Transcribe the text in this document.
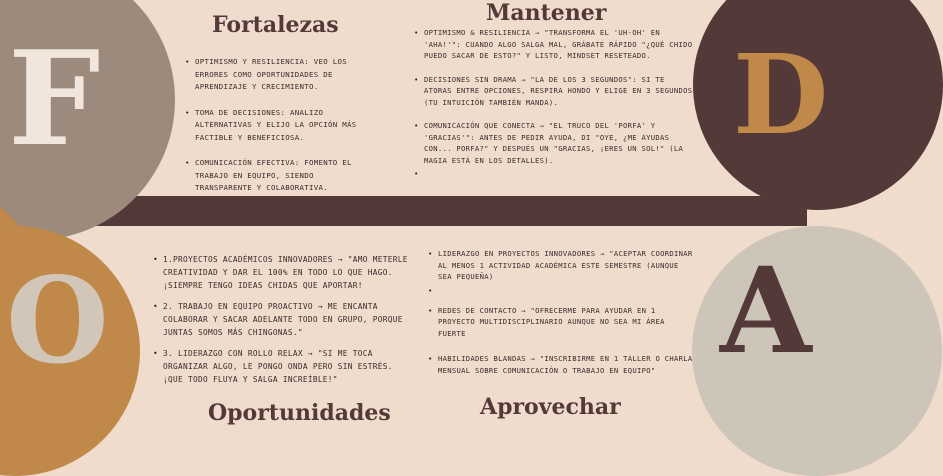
F	Fortalezas
• OPTIMISMO Y RESILIENCIA: VEO LOS ERRORES COMO OPORTUNIDADES DE APRENDIZAJE Y CRECIMIENTO.
• TOMA DE DECISIONES: ANALIZO ALTERNATIVAS Y ELIJO LA OPCIÓN MÁS FACTIBLE Y BENEFICIOSA.
• COMUNICACIÓN EFECTIVA: FOMENTO EL TRABAJO EN EQUIPO, SIENDO TRANSPARENTE Y COLABORATIVA.
D
Mantener
• OPTIMISMO & RESILIENCIA → "TRANSFORMA EL 'UH-OH' EN 'AHA!'": CUANDO ALGO SALGA MAL, GRÁBATE RÁPIDO "¿QUÉ CHIDO PUEDO SACAR DE ESTO?" Y LISTO, MINDSET RESETEADO.
• DECISIONES SIN DRAMA → "LA DE LOS 3 SEGUNDOS": SI TE ATORAS ENTRE OPCIONES, RESPIRA HONDO Y ELIGE EN 3 SEGUNDOS (TU INTUICIÓN TAMBIÉN MANDA).
• COMUNICACIÓN QUE CONECTA → "EL TRUCO DEL 'PORFA' Y 'GRACIAS'": ANTES DE PEDIR AYUDA, DI "OYE, ¿ME AYUDAS CON... PORFA?" Y DESPUÉS UN "GRACIAS, ¡ERES UN SOL!" (LA MAGIA ESTÁ EN LOS DETALLES).
•
O
Oportunidades
• 1.PROYECTOS ACADÉMICOS INNOVADORES → "AMO METERLE CREATIVIDAD Y DAR EL 100% EN TODO LO QUE HAGO. ¡SIEMPRE TENGO IDEAS CHIDAS QUE APORTAR!
• 2. TRABAJO EN EQUIPO PROACTIVO → ME ENCANTA COLABORAR Y SACAR ADELANTE TODO EN GRUPO, PORQUE JUNTAS SOMOS MÁS CHINGONAS."
• 3. LIDERAZGO CON ROLLO RELAX → "SI ME TOCA ORGANIZAR ALGO, LE PONGO ONDA PERO SIN ESTRÉS. ¡QUE TODO FLUYA Y SALGA INCREÍBLE!"	A
Aprovechar
• LIDERAZGO EN PROYECTOS INNOVADORES → "ACEPTAR COORDINAR AL MENOS 1 ACTIVIDAD ACADÉMICA ESTE SEMESTRE (AUNQUE SEA PEQUEÑA)
•
• REDES DE CONTACTO → "OFRECERME PARA AYUDAR EN 1 PROYECTO MULTIDISCIPLINARIO AUNQUE NO SEA MI ÁREA FUERTE
• HABILIDADES BLANDAS → "INSCRIBIRME EN 1 TALLER O CHARLA MENSUAL SOBRE COMUNICACIÓN O TRABAJO EN EQUIPO"
